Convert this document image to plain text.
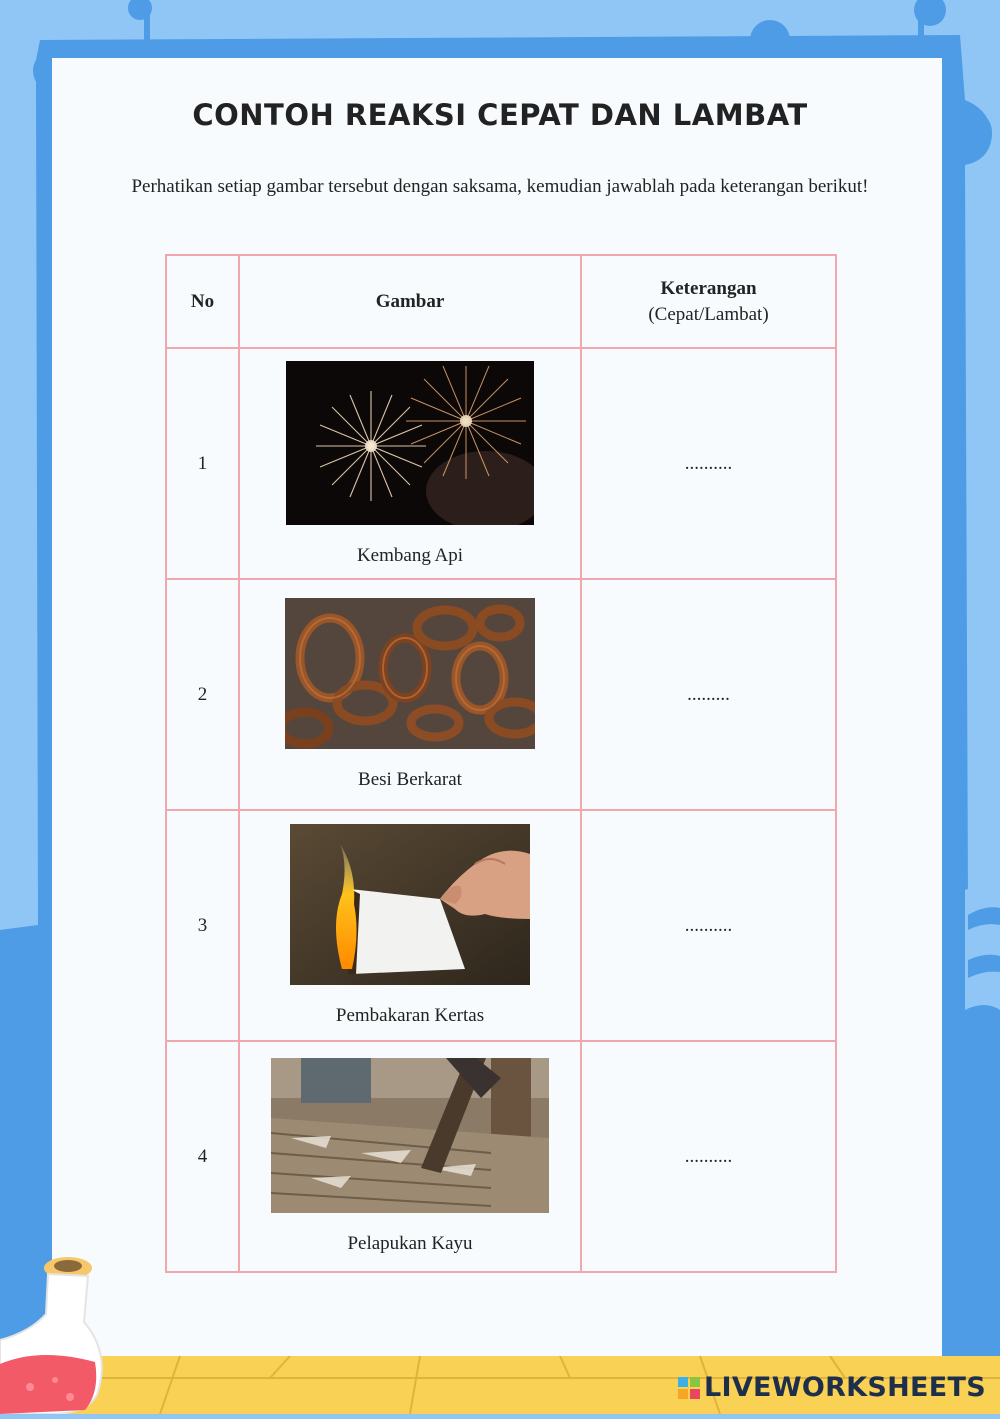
CONTOH REAKSI CEPAT DAN LAMBAT
Perhatikan setiap gambar tersebut dengan saksama, kemudian jawablah pada keterangan berikut!
No	Gambar	Keterangan
(Cepat/Lambat)

1	Kembang Api	..........
2	Besi Berkarat	.........
3	Pembakaran Kertas	..........
4	Pelapukan Kayu	..........
LIVEWORKSHEETS
